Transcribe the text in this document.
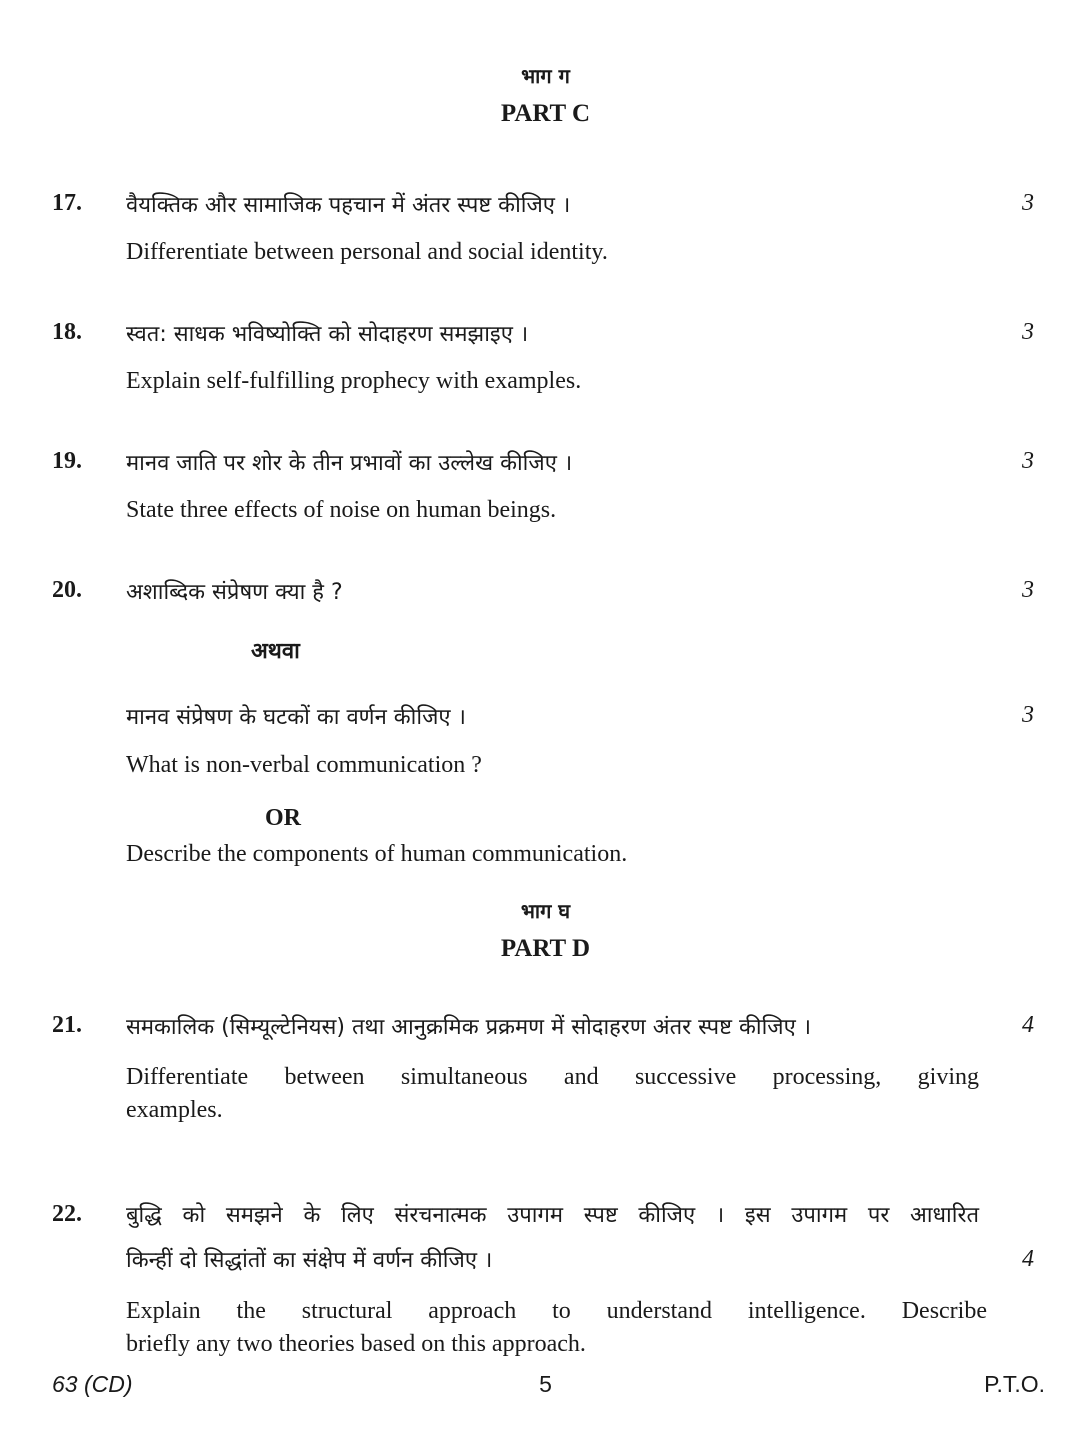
भाग ग
PART C
17. वैयक्तिक और सामाजिक पहचान में अंतर स्पष्ट कीजिए ।	3
Differentiate between personal and social identity.
18. स्वत: साधक भविष्योक्ति को सोदाहरण समझाइए ।	3
Explain self-fulfilling prophecy with examples.
19. मानव जाति पर शोर के तीन प्रभावों का उल्लेख कीजिए ।	3
State three effects of noise on human beings.
20. अशाब्दिक संप्रेषण क्या है ?	3
अथवा
मानव संप्रेषण के घटकों का वर्णन कीजिए ।	3
What is non-verbal communication ?
OR
Describe the components of human communication.
भाग घ
PART D
21. समकालिक (सिम्यूल्टेनियस) तथा आनुक्रमिक प्रक्रमण में सोदाहरण अंतर स्पष्ट कीजिए ।	4
Differentiate between simultaneous and successive processing, giving
examples.
22. बुद्धि को समझने के लिए संरचनात्मक उपागम स्पष्ट कीजिए । इस उपागम पर आधारित
किन्हीं दो सिद्धांतों का संक्षेप में वर्णन कीजिए ।	4
Explain the structural approach to understand intelligence. Describe
briefly any two theories based on this approach.
63 (CD)	5	P.T.O.
